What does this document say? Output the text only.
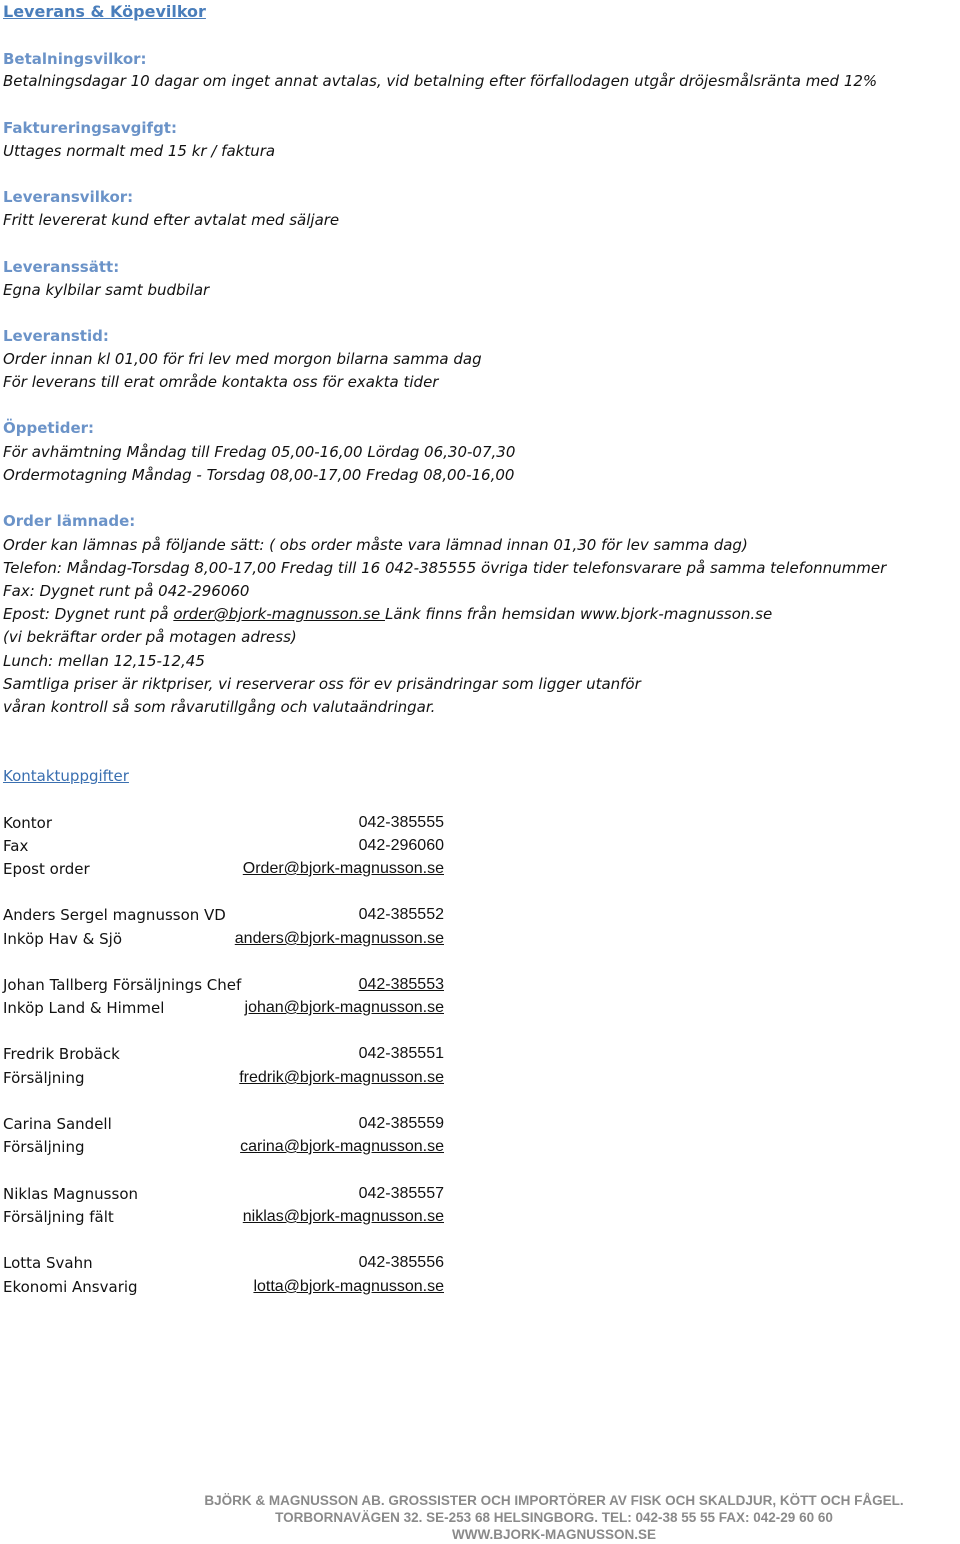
Leverans & Köpevilkor
Betalningsvilkor:
Betalningsdagar 10 dagar om inget annat avtalas, vid betalning efter förfallodagen utgår dröjesmålsränta med 12%
Faktureringsavgifgt:
Uttages normalt med 15 kr / faktura
Leveransvilkor:
Fritt levererat kund efter avtalat med säljare
Leveranssätt:
Egna kylbilar samt budbilar
Leveranstid:
Order innan kl 01,00 för fri lev med morgon bilarna samma dag
För leverans till erat område kontakta oss för exakta tider
Öppetider:
För avhämtning Måndag till Fredag 05,00-16,00 Lördag 06,30-07,30
Ordermotagning Måndag - Torsdag 08,00-17,00 Fredag 08,00-16,00
Order lämnade:
Order kan lämnas på följande sätt: ( obs order måste vara lämnad innan 01,30 för lev samma dag)
Telefon: Måndag-Torsdag 8,00-17,00 Fredag till 16 042-385555 övriga tider telefonsvarare på samma telefonnummer
Fax: Dygnet runt på 042-296060
Epost: Dygnet runt på order@bjork-magnusson.se Länk finns från hemsidan www.bjork-magnusson.se
(vi bekräftar order på motagen adress)
Lunch: mellan 12,15-12,45
Samtliga priser är riktpriser, vi reserverar oss för ev prisändringar som ligger utanför
våran kontroll så som råvarutillgång och valutaändringar.
Kontaktuppgifter
Kontor	042-385555
Fax	042-296060
Epost order	Order@bjork-magnusson.se
Anders Sergel magnusson VD	042-385552
Inköp Hav & Sjö	anders@bjork-magnusson.se
Johan Tallberg Försäljnings Chef	042-385553
Inköp Land & Himmel	johan@bjork-magnusson.se
Fredrik Brobäck	042-385551
Försäljning	fredrik@bjork-magnusson.se
Carina Sandell	042-385559
Försäljning	carina@bjork-magnusson.se
Niklas Magnusson	042-385557
Försäljning fält	niklas@bjork-magnusson.se
Lotta Svahn	042-385556
Ekonomi Ansvarig	lotta@bjork-magnusson.se
BJÖRK & MAGNUSSON AB. GROSSISTER OCH IMPORTÖRER AV FISK OCH SKALDJUR, KÖTT OCH FÅGEL.
TORBORNAVÄGEN 32. SE-253 68 HELSINGBORG. TEL: 042-38 55 55 FAX: 042-29 60 60
WWW.BJORK-MAGNUSSON.SE
